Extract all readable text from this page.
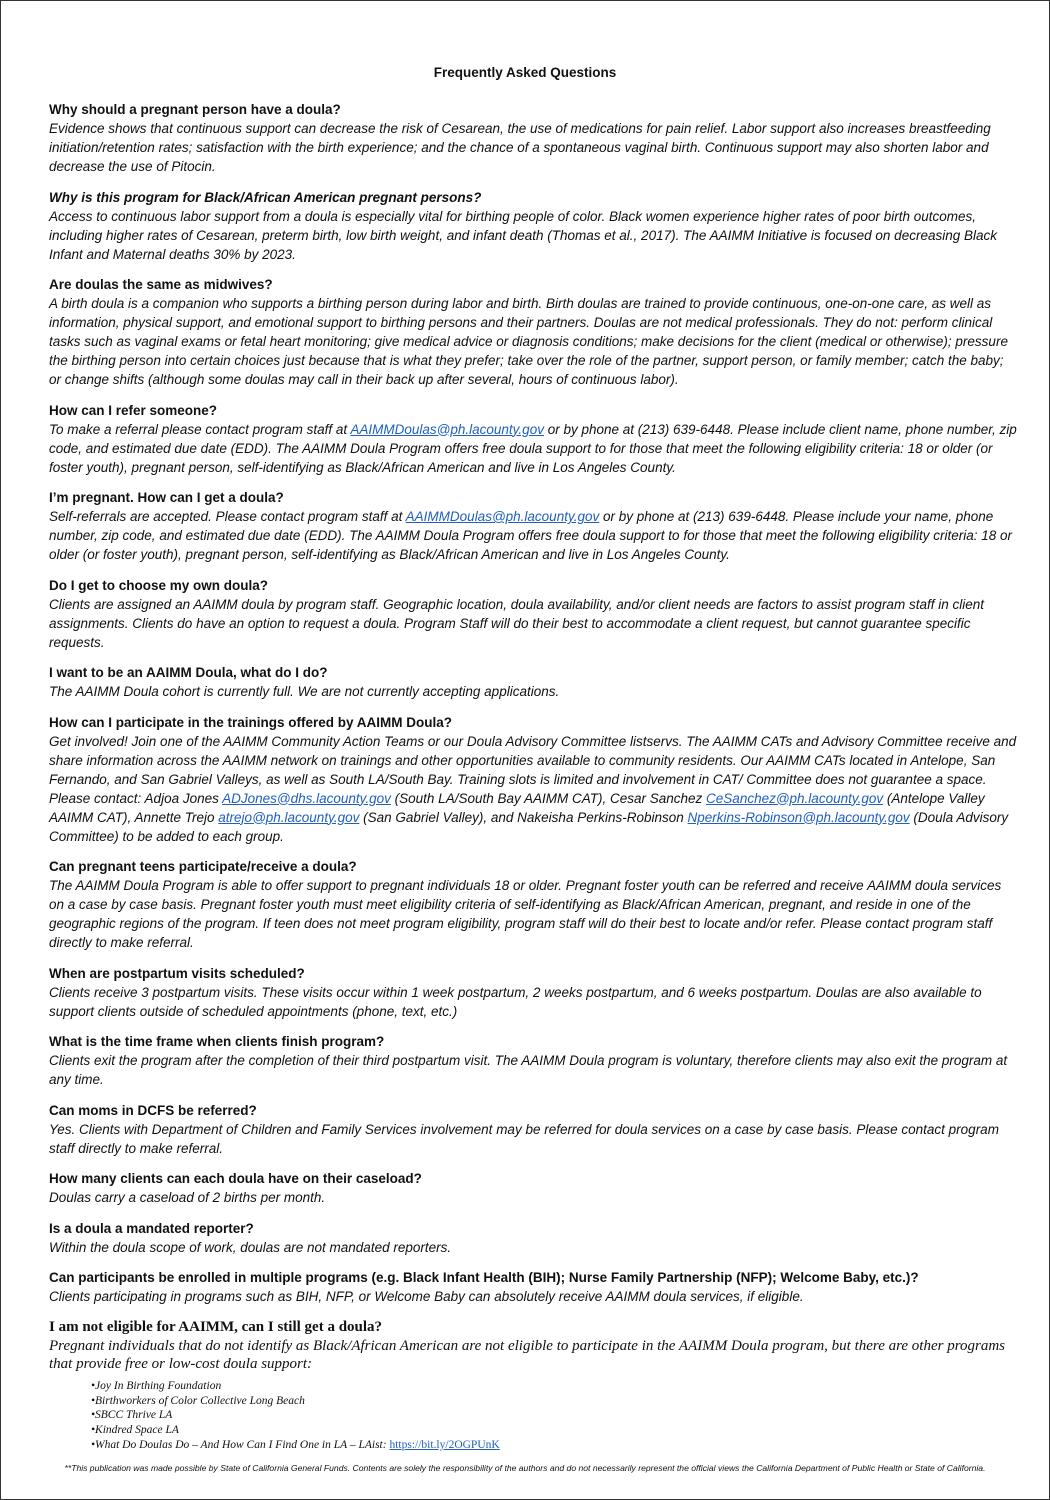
Frequently Asked Questions
Why should a pregnant person have a doula?
Evidence shows that continuous support can decrease the risk of Cesarean, the use of medications for pain relief. Labor support also increases breastfeeding initiation/retention rates; satisfaction with the birth experience; and the chance of a spontaneous vaginal birth. Continuous support may also shorten labor and decrease the use of Pitocin.
Why is this program for Black/African American pregnant persons?
Access to continuous labor support from a doula is especially vital for birthing people of color. Black women experience higher rates of poor birth outcomes, including higher rates of Cesarean, preterm birth, low birth weight, and infant death (Thomas et al., 2017). The AAIMM Initiative is focused on decreasing Black Infant and Maternal deaths 30% by 2023.
Are doulas the same as midwives?
A birth doula is a companion who supports a birthing person during labor and birth. Birth doulas are trained to provide continuous, one-on-one care, as well as information, physical support, and emotional support to birthing persons and their partners. Doulas are not medical professionals. They do not: perform clinical tasks such as vaginal exams or fetal heart monitoring; give medical advice or diagnosis conditions; make decisions for the client (medical or otherwise); pressure the birthing person into certain choices just because that is what they prefer; take over the role of the partner, support person, or family member; catch the baby; or change shifts (although some doulas may call in their back up after several, hours of continuous labor).
How can I refer someone?
To make a referral please contact program staff at AAIMMDoulas@ph.lacounty.gov or by phone at (213) 639-6448. Please include client name, phone number, zip code, and estimated due date (EDD). The AAIMM Doula Program offers free doula support to for those that meet the following eligibility criteria: 18 or older (or foster youth), pregnant person, self-identifying as Black/African American and live in Los Angeles County.
I’m pregnant. How can I get a doula?
Self-referrals are accepted. Please contact program staff at AAIMMDoulas@ph.lacounty.gov or by phone at (213) 639-6448. Please include your name, phone number, zip code, and estimated due date (EDD). The AAIMM Doula Program offers free doula support to for those that meet the following eligibility criteria: 18 or older (or foster youth), pregnant person, self-identifying as Black/African American and live in Los Angeles County.
Do I get to choose my own doula?
Clients are assigned an AAIMM doula by program staff. Geographic location, doula availability, and/or client needs are factors to assist program staff in client assignments. Clients do have an option to request a doula. Program Staff will do their best to accommodate a client request, but cannot guarantee specific requests.
I want to be an AAIMM Doula, what do I do?
The AAIMM Doula cohort is currently full. We are not currently accepting applications.
How can I participate in the trainings offered by AAIMM Doula?
Get involved! Join one of the AAIMM Community Action Teams or our Doula Advisory Committee listservs. The AAIMM CATs and Advisory Committee receive and share information across the AAIMM network on trainings and other opportunities available to community residents. Our AAIMM CATs located in Antelope, San Fernando, and San Gabriel Valleys, as well as South LA/South Bay. Training slots is limited and involvement in CAT/ Committee does not guarantee a space. Please contact: Adjoa Jones ADJones@dhs.lacounty.gov (South LA/South Bay AAIMM CAT), Cesar Sanchez CeSanchez@ph.lacounty.gov (Antelope Valley AAIMM CAT), Annette Trejo atrejo@ph.lacounty.gov (San Gabriel Valley), and Nakeisha Perkins-Robinson Nperkins-Robinson@ph.lacounty.gov (Doula Advisory Committee) to be added to each group.
Can pregnant teens participate/receive a doula?
The AAIMM Doula Program is able to offer support to pregnant individuals 18 or older. Pregnant foster youth can be referred and receive AAIMM doula services on a case by case basis. Pregnant foster youth must meet eligibility criteria of self-identifying as Black/African American, pregnant, and reside in one of the geographic regions of the program. If teen does not meet program eligibility, program staff will do their best to locate and/or refer. Please contact program staff directly to make referral.
When are postpartum visits scheduled?
Clients receive 3 postpartum visits. These visits occur within 1 week postpartum, 2 weeks postpartum, and 6 weeks postpartum. Doulas are also available to support clients outside of scheduled appointments (phone, text, etc.)
What is the time frame when clients finish program?
Clients exit the program after the completion of their third postpartum visit. The AAIMM Doula program is voluntary, therefore clients may also exit the program at any time.
Can moms in DCFS be referred?
Yes. Clients with Department of Children and Family Services involvement may be referred for doula services on a case by case basis. Please contact program staff directly to make referral.
How many clients can each doula have on their caseload?
Doulas carry a caseload of 2 births per month.
Is a doula a mandated reporter?
Within the doula scope of work, doulas are not mandated reporters.
Can participants be enrolled in multiple programs (e.g. Black Infant Health (BIH); Nurse Family Partnership (NFP); Welcome Baby, etc.)?
Clients participating in programs such as BIH, NFP, or Welcome Baby can absolutely receive AAIMM doula services, if eligible.
I am not eligible for AAIMM, can I still get a doula?
Pregnant individuals that do not identify as Black/African American are not eligible to participate in the AAIMM Doula program, but there are other programs that provide free or low-cost doula support:
•Joy In Birthing Foundation
•Birthworkers of Color Collective Long Beach
•SBCC Thrive LA
•Kindred Space LA
•What Do Doulas Do – And How Can I Find One in LA – LAist: https://bit.ly/2OGPUnK
**This publication was made possible by State of California General Funds. Contents are solely the responsibility of the authors and do not necessarily represent the official views the California Department of Public Health or State of California.
